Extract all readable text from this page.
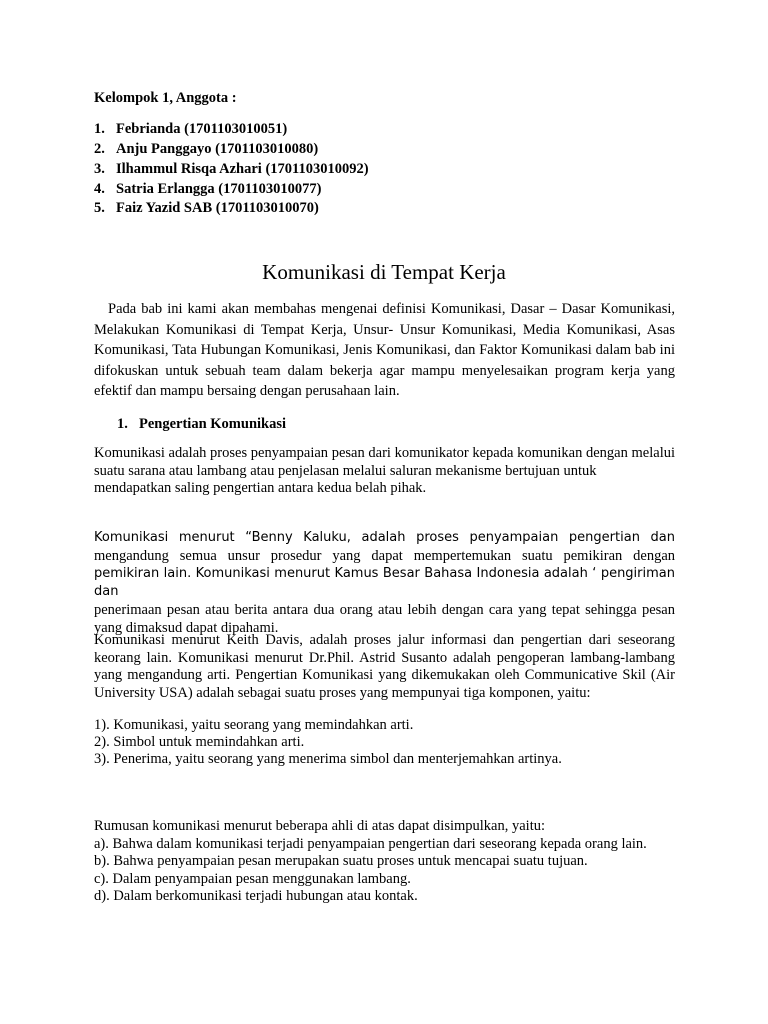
Kelompok 1, Anggota :
1. Febrianda (1701103010051)
2. Anju Panggayo (1701103010080)
3. Ilhammul Risqa Azhari (1701103010092)
4. Satria Erlangga (1701103010077)
5. Faiz Yazid SAB (1701103010070)
Komunikasi di Tempat Kerja
Pada bab ini kami akan membahas mengenai definisi Komunikasi, Dasar – Dasar Komunikasi, Melakukan Komunikasi di Tempat Kerja, Unsur- Unsur Komunikasi, Media Komunikasi, Asas Komunikasi, Tata Hubungan Komunikasi, Jenis Komunikasi, dan Faktor Komunikasi dalam bab ini difokuskan untuk sebuah team dalam bekerja agar mampu menyelesaikan program kerja yang efektif dan mampu bersaing dengan perusahaan lain.
1. Pengertian Komunikasi

Komunikasi adalah proses penyampaian pesan dari komunikator kepada komunikan dengan melalui suatu sarana atau lambang atau penjelasan melalui saluran mekanisme bertujuan untuk

mendapatkan saling pengertian antara kedua belah pihak.

Komunikasi menurut “Benny Kaluku, adalah proses penyampaian pengertian dan

mengandung semua unsur prosedur yang dapat mempertemukan suatu pemikiran dengan

pemikiran lain. Komunikasi menurut Kamus Besar Bahasa Indonesia adalah ‘ pengiriman dan

penerimaan pesan atau berita antara dua orang atau lebih dengan cara yang tepat sehingga pesan yang dimaksud dapat dipahami.

Komunikasi menurut Keith Davis, adalah proses jalur informasi dan pengertian dari seseorang keorang lain. Komunikasi menurut Dr.Phil. Astrid Susanto adalah pengoperan lambang-lambang yang mengandung arti. Pengertian Komunikasi yang dikemukakan oleh Communicative Skil (Air University USA) adalah sebagai suatu proses yang mempunyai tiga komponen, yaitu:
1). Komunikasi, yaitu seorang yang memindahkan arti.
2). Simbol untuk memindahkan arti.
3). Penerima, yaitu seorang yang menerima simbol dan menterjemahkan artinya.

Rumusan komunikasi menurut beberapa ahli di atas dapat disimpulkan, yaitu:

a). Bahwa dalam komunikasi terjadi penyampaian pengertian dari seseorang kepada orang lain.

b). Bahwa penyampaian pesan merupakan suatu proses untuk mencapai suatu tujuan.

c). Dalam penyampaian pesan menggunakan lambang.

d). Dalam berkomunikasi terjadi hubungan atau kontak.
